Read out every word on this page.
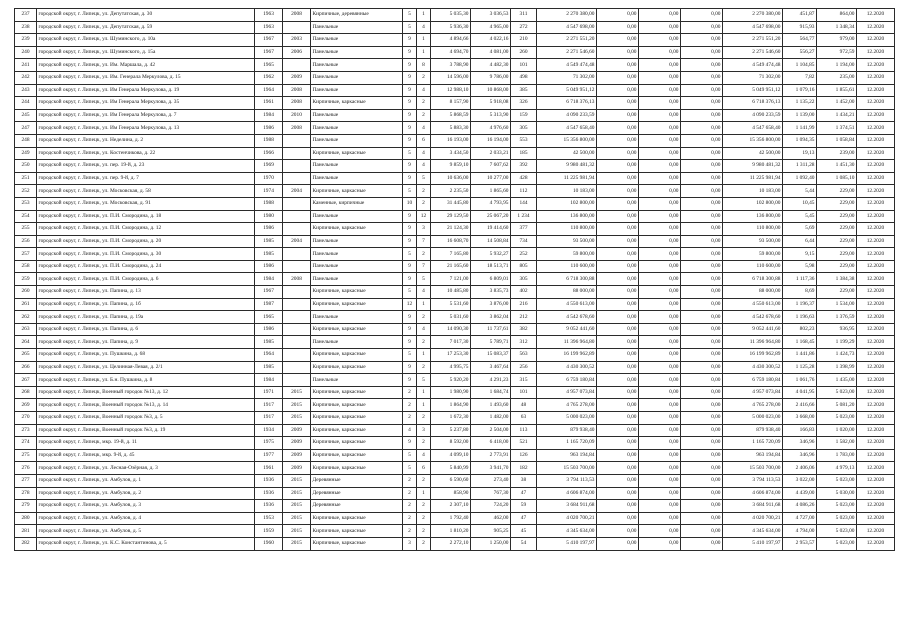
237	городской округ, г. Липецк, ул. Депутатская, д. 30	1963	2008	Кирпичные, деревянные	5	1	5 035,30	3 036,53	311	2 270 380,00	0,00	0,00	0,00	2 270 380,00	451,87	864,00	12.2020
238	городской округ, г. Липецк, ул. Депутатская, д. 59	1963		Панельные	5	4	5 936,30	4 965,00	272	4 547 698,00	0,00	0,00	0,00	4 547 698,00	915,93	1 348,34	12.2020
239	городской округ, г. Липецк, ул. Шуминского, д. 10а	1967	2003	Панельные	9	1	4 894,66	4 022,16	210	2 271 551,20	0,00	0,00	0,00	2 271 551,20	564,77	979,00	12.2020
240	городской округ, г. Липецк, ул. Шуминского, д. 15а	1967	2006	Панельные	9	1	4 694,70	4 081,00	260	2 271 546,60	0,00	0,00	0,00	2 271 546,60	556,27	972,59	12.2020
241	городской округ, г. Липецк, ул. Им. Маршала, д. 42	1965		Панельные	9	8	3 788,90	4 482,30	101	4 549 474,48	0,00	0,00	0,00	4 549 474,48	1 104,85	1 194,00	12.2020
242	городской округ, г. Липецк, ул. Им. Генерала Меркулова, д. 15	1962	2009	Панельные	9	2	14 596,00	9 786,00	498	71 302,00	0,00	0,00	0,00	71 302,00	7,82	235,00	12.2020
243	городской округ, г. Липецк, ул. Им Генерала Меркулова, д. 19	1964	2008	Панельные	9	4	12 988,10	10 868,00	385	5 049 951,12	0,00	0,00	0,00	5 049 951,12	1 079,16	1 855,61	12.2020
244	городской округ, г. Липецк, ул. Им Генерала Меркулова, д. 35	1961	2008	Кирпичные, каркасные	9	2	8 157,90	5 918,08	326	6 718 376,13	0,00	0,00	0,00	6 718 376,13	1 135,22	1 452,00	12.2020
245	городской округ, г. Липецк, ул. Им Генерала Меркулова, д. 7	1984	2010	Панельные	9	2	5 868,59	5 313,90	159	4 090 233,59	0,00	0,00	0,00	4 090 233,59	1 139,00	1 434,21	12.2020
247	городской округ, г. Липецк, ул. Им Генерала Меркулова, д. 13	1986	2008	Панельные	9	4	5 883,30	4 976,60	305	4 547 658,40	0,00	0,00	0,00	4 547 658,40	1 141,99	1 374,51	12.2020
248	городской округ, г. Липецк, ул. Неделина, д. 2	1988		Панельные	9	6	16 193,00	16 194,00	553	15 356 800,00	0,00	0,00	0,00	15 356 800,00	1 094,35	1 058,84	12.2020
249	городской округ, г. Липецк, ул. Костенчикова, д. 22	1966		Кирпичные, каркасные	5	4	3 434,50	2 033,21	185	42 500,00	0,00	0,00	0,00	42 500,00	19,13	239,00	12.2020
250	городской округ, г. Липецк, ул. пер. 19-й, д. 23	1969		Панельные	9	4	9 859,10	7 607,62	392	9 980 481,32	0,00	0,00	0,00	9 980 481,32	1 311,28	1 451,30	12.2020
251	городской округ, г. Липецк, ул. пер. 9-й, д. 7	1970		Панельные	9	5	10 636,00	10 277,00	428	11 225 981,94	0,00	0,00	0,00	11 225 981,94	1 092,40	1 085,10	12.2020
252	городской округ, г. Липецк, ул. Московская, д. 58	1974	2004	Кирпичные, каркасные	5	2	2 235,50	1 865,60	112	10 183,00	0,00	0,00	0,00	10 183,00	5,44	229,00	12.2020
253	городской округ, г. Липецк, ул. Московская, д. 91	1988		Каменные, кирпичные	10	2	31 445,80	4 793,95	144	102 800,00	0,00	0,00	0,00	102 800,00	10,45	229,00	12.2020
254	городской округ, г. Липецк, ул. П.И. Смородина, д. 18	1980		Панельные	9	12	29 129,50	25 067,20	1 234	136 800,00	0,00	0,00	0,00	136 800,00	5,45	229,00	12.2020
255	городской округ, г. Липецк, ул. П.И. Смородина, д. 12	1986		Кирпичные, каркасные	9	3	21 124,30	19 414,60	377	110 800,00	0,00	0,00	0,00	110 800,00	5,69	229,00	12.2020
256	городской округ, г. Липецк, ул. П.И. Смородина, д. 20	1985	2004	Панельные	9	7	16 608,70	14 508,84	734	93 500,00	0,00	0,00	0,00	93 500,00	6,44	229,00	12.2020
257	городской округ, г. Липецк, ул. П.И. Смородина, д. 30	1985		Панельные	5	2	7 165,80	5 932,27	252	59 800,00	0,00	0,00	0,00	59 800,00	9,15	229,00	12.2020
258	городской округ, г. Липецк, ул. П.И. Смородина, д. 24	1986		Панельные	9	7	21 165,60	18 513,71	805	110 600,00	0,00	0,00	0,00	110 600,00	5,98	229,00	12.2020
259	городской округ, г. Липецк, ул. П.И. Смородина, д. 6	1984	2008	Панельные	9	5	7 121,00	6 809,01	305	6 718 300,88	0,00	0,00	0,00	6 718 300,88	1 117,36	1 384,38	12.2020
260	городской округ, г. Липецк, ул. Папина, д. 13	1967		Кирпичные, каркасные	5	4	10 485,80	3 835,73	402	88 000,00	0,00	0,00	0,00	88 000,00	8,69	229,00	12.2020
261	городской округ, г. Липецк, ул. Папина, д. 1б	1987		Кирпичные, каркасные	12	1	5 531,60	3 876,00	216	4 550 613,00	0,00	0,00	0,00	4 550 613,00	1 196,37	1 534,00	12.2020
262	городской округ, г. Липецк, ул. Папина, д. 19а	1965		Панельные	9	2	5 031,60	3 862,04	212	4 542 678,60	0,00	0,00	0,00	4 542 678,60	1 196,63	1 376,59	12.2020
263	городской округ, г. Липецк, ул. Папина, д. 6	1986		Кирпичные, каркасные	9	4	14 090,30	11 737,61	382	9 052 441,60	0,00	0,00	0,00	9 052 441,60	802,23	936,95	12.2020
264	городской округ, г. Липецк, ул. Папина, д. 9	1985		Панельные	9	2	7 017,30	5 789,71	312	11 396 964,80	0,00	0,00	0,00	11 396 964,80	1 168,45	1 199,29	12.2020
265	городской округ, г. Липецк, ул. Пушкина, д. 68	1964		Кирпичные, каркасные	5	1	17 253,30	15 083,37	563	16 199 962,89	0,00	0,00	0,00	16 199 962,89	1 441,86	1 424,73	12.2020
266	городской округ, г. Липецк, ул. Целинная-Левая, д. 2/1	1985		Кирпичные, каркасные	9	2	4 995,75	3 467,64	256	4 430 300,52	0,00	0,00	0,00	4 430 300,52	1 125,28	1 398,99	12.2020
267	городской округ, г. Липецк, ул. Б.н. Пушкина, д. 8	1984		Панельные	9	5	5 920,20	4 291,23	315	6 759 180,84	0,00	0,00	0,00	6 759 180,84	1 061,76	1 435,00	12.2020
268	городской округ, г. Липецк, Военный городок №13, д. 12	1971	2015	Кирпичные, каркасные	2	1	1 980,90	1 684,74	101	4 957 073,84	0,00	0,00	0,00	4 957 073,84	4 041,95	5 023,00	12.2020
269	городской округ, г. Липецк, Военный городок №13, д. 14	1917	2015	Кирпичные, каркасные	2	1	1 864,90	1 493,60	48	4 765 278,00	0,00	0,00	0,00	4 765 278,00	2 416,66	5 081,20	12.2020
270	городской округ, г. Липецк, Военный городок №3, д. 5	1917	2015	Кирпичные, каркасные	2	2	1 672,30	1 482,00	63	5 000 023,00	0,00	0,00	0,00	5 000 023,00	3 668,00	5 023,00	12.2020
273	городской округ, г. Липецк, Военный городок №3, д. 19	1934	2009	Кирпичные, каркасные	4	3	5 237,80	2 504,00	113	879 938,40	0,00	0,00	0,00	879 938,40	166,83	1 020,00	12.2020
274	городской округ, г. Липецк, мкр. 19-й, д. 11	1975	2009	Кирпичные, каркасные	9	2	8 592,00	6 418,00	521	1 165 720,09	0,00	0,00	0,00	1 165 720,09	346,96	1 582,00	12.2020
275	городской округ, г. Липецк, мкр. 9-й, д. 45	1977	2009	Кирпичные, каркасные	5	4	4 099,10	2 773,91	126	963 194,84	0,00	0,00	0,00	963 194,84	346,96	1 783,00	12.2020
276	городской округ, г. Липецк, ул. Лесная-Озёрная, д. 3	1961	2009	Кирпичные, каркасные	5	6	5 840,99	3 941,70	182	15 503 700,00	0,00	0,00	0,00	15 503 700,00	2 406,06	4 979,13	12.2020
277	городской округ, г. Липецк, ул. Амбулов, д. 1	1936	2015	Деревянные	2	2	6 590,60	273,40	38	3 794 113,53	0,00	0,00	0,00	3 794 113,53	3 022,00	5 023,00	12.2020
278	городской округ, г. Липецк, ул. Амбулов, д. 2	1936	2015	Деревянные	2	1	858,90	767,30	47	4 606 874,00	0,00	0,00	0,00	4 606 874,00	4 439,00	5 030,00	12.2020
279	городской округ, г. Липецк, ул. Амбулов, д. 3	1936	2015	Деревянные	2	2	2 307,10	724,20	59	3 684 911,68	0,00	0,00	0,00	3 684 911,68	4 086,26	5 023,00	12.2020
280	городской округ, г. Липецк, ул. Амбулов, д. 4	1953	2015	Кирпичные, каркасные	2	2	1 792,40	462,00	47	4 020 700,21	0,00	0,00	0,00	4 020 700,21	4 727,00	5 023,00	12.2020
281	городской округ, г. Липецк, ул. Амбулов, д. 5	1959	2015	Кирпичные, каркасные	2	2	1 810,20	905,25	45	4 345 634,00	0,00	0,00	0,00	4 345 634,00	4 794,00	5 023,00	12.2020
282	городской округ, г. Липецк, ул. К.С. Константинова, д. 5	1960	2015	Кирпичные, каркасные	3	2	2 272,10	1 250,00	54	5 410 197,97	0,00	0,00	0,00	5 410 197,97	2 953,57	5 023,00	12.2020
